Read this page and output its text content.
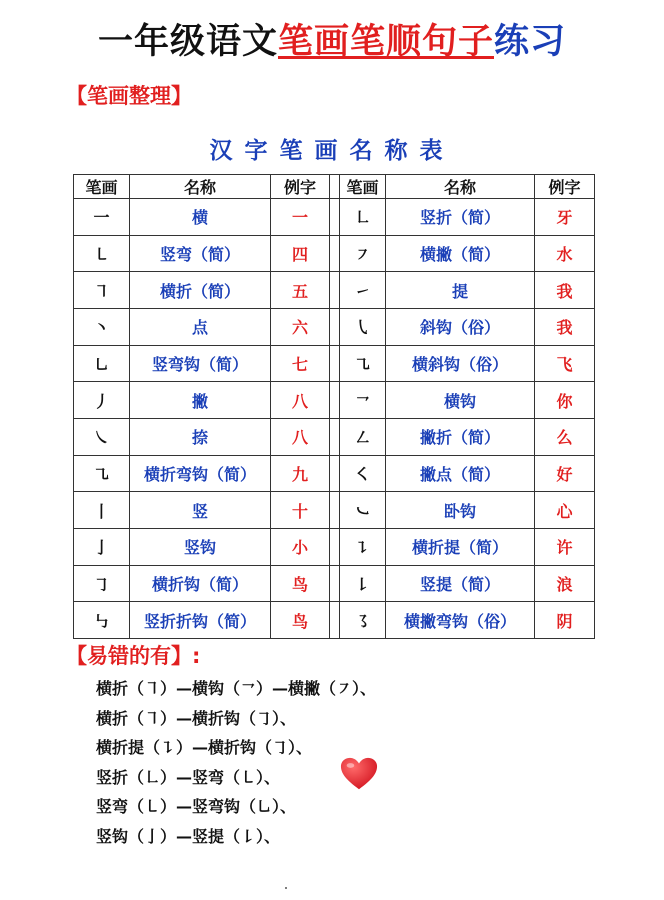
一年级语文笔画笔顺句子练习
【笔画整理】
汉字笔画名称表
笔画	名称	例字		笔画	名称	例字
一	横	一		㇗	竖折（简）	牙
㇄	竖弯（简）	四		㇇	横撇（简）	水
㇕	横折（简）	五		㇀	提	我
丶	点	六		㇂	斜钩（俗）	我
㇟	竖弯钩（简）	七		㇈	横斜钩（俗）	飞
丿	撇	八		㇖	横钩	你
㇏	捺	八		㇜	撇折（简）	么
㇈	横折弯钩（简）	九		㇛	撇点（简）	好
丨	竖	十		㇃	卧钩	心
亅	竖钩	小		㇊	横折提（简）	许
㇆	横折钩（简）	鸟		㇙	竖提（简）	浪
㇉	竖折折钩（简）	鸟		㇌	横撇弯钩（俗）	阴
【易错的有】:
横折（㇕）—横钩（㇖）—横撇（㇇）、
横折（㇕）—横折钩（㇆）、
横折提（㇊）—横折钩（㇆）、
竖折（㇗）—竖弯（㇄）、
竖弯（㇄）—竖弯钩（㇟）、
竖钩（亅）—竖提（㇙）、
